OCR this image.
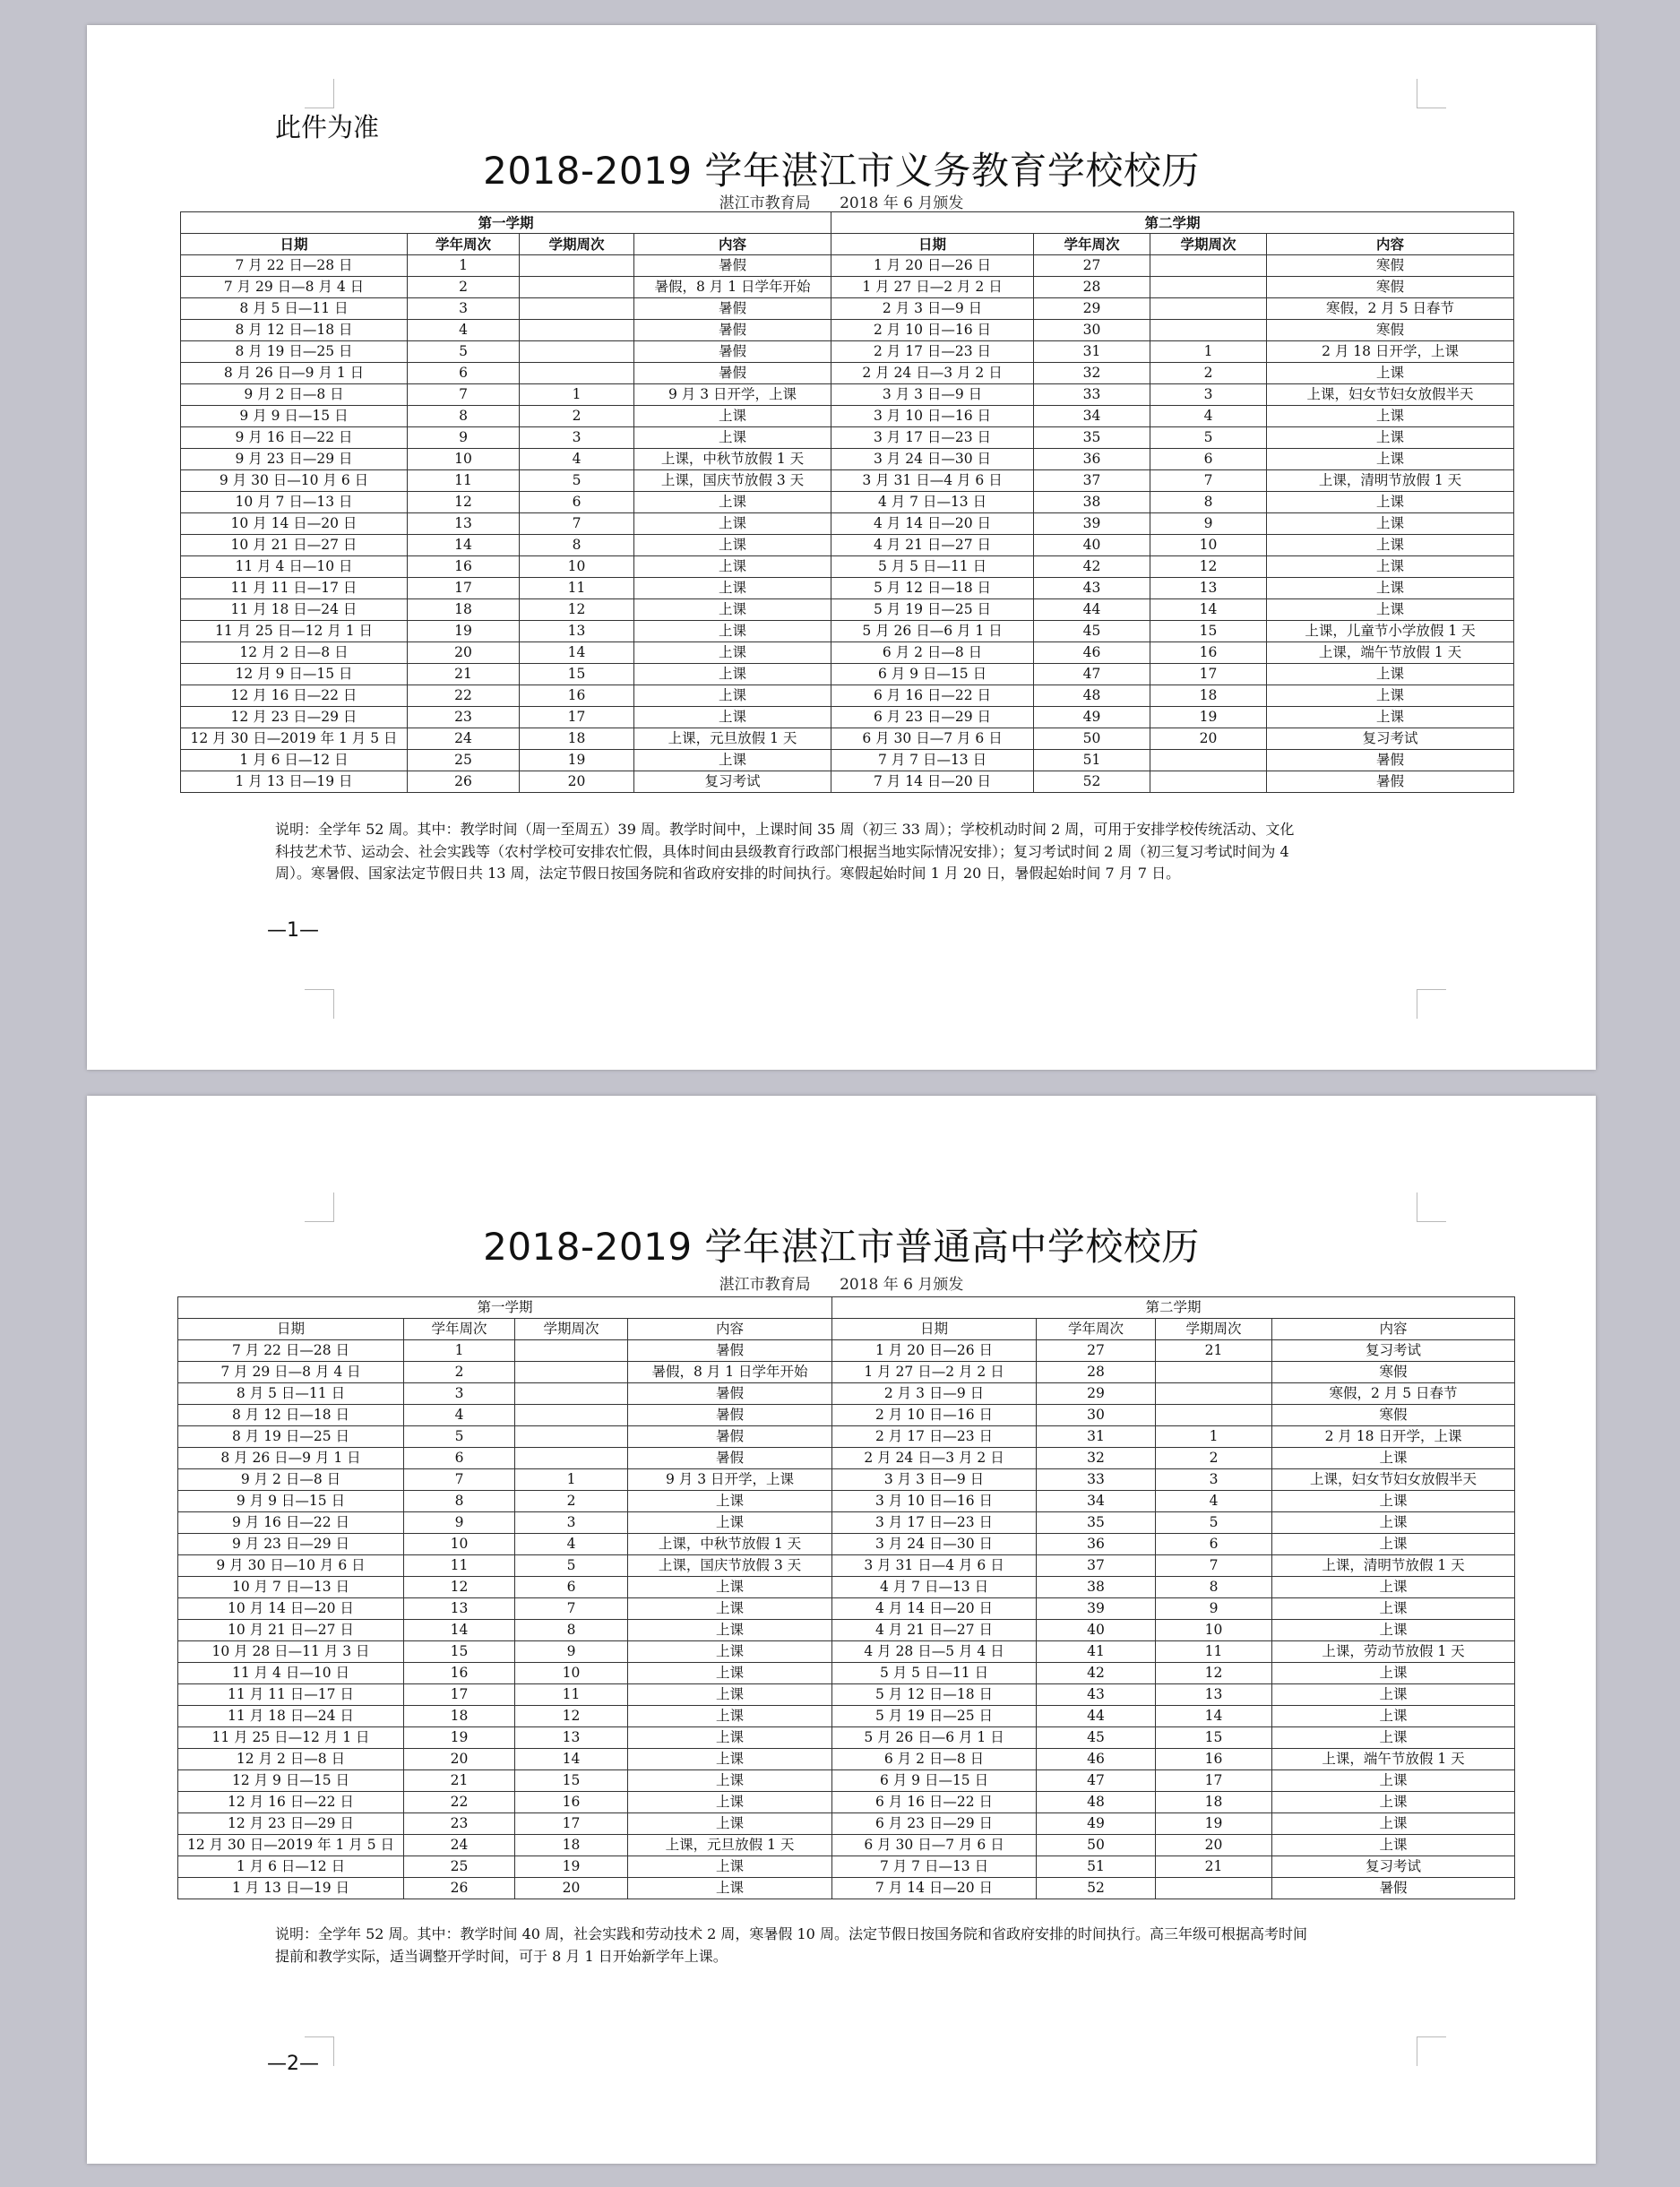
此件为准
2018-2019 学年湛江市义务教育学校校历

湛江市教育局      2018 年 6 月颁发

第一学期				第二学期			
日期	学年周次	学期周次	内容	日期	学年周次	学期周次	内容
7 月 22 日—28 日	1		暑假	1 月 20 日—26 日	27		寒假
7 月 29 日—8 月 4 日	2		暑假，8 月 1 日学年开始	1 月 27 日—2 月 2 日	28		寒假
8 月 5 日—11 日	3		暑假	2 月 3 日—9 日	29		寒假，2 月 5 日春节
8 月 12 日—18 日	4		暑假	2 月 10 日—16 日	30		寒假
8 月 19 日—25 日	5		暑假	2 月 17 日—23 日	31	1	2 月 18 日开学，上课
8 月 26 日—9 月 1 日	6		暑假	2 月 24 日—3 月 2 日	32	2	上课
9 月 2 日—8 日	7	1	9 月 3 日开学，上课	3 月 3 日—9 日	33	3	上课，妇女节妇女放假半天
9 月 9 日—15 日	8	2	上课	3 月 10 日—16 日	34	4	上课
9 月 16 日—22 日	9	3	上课	3 月 17 日—23 日	35	5	上课
9 月 23 日—29 日	10	4	上课，中秋节放假 1 天	3 月 24 日—30 日	36	6	上课
9 月 30 日—10 月 6 日	11	5	上课，国庆节放假 3 天	3 月 31 日—4 月 6 日	37	7	上课，清明节放假 1 天
10 月 7 日—13 日	12	6	上课	4 月 7 日—13 日	38	8	上课
10 月 14 日—20 日	13	7	上课	4 月 14 日—20 日	39	9	上课
10 月 21 日—27 日	14	8	上课	4 月 21 日—27 日	40	10	上课
11 月 4 日—10 日	16	10	上课	5 月 5 日—11 日	42	12	上课
11 月 11 日—17 日	17	11	上课	5 月 12 日—18 日	43	13	上课
11 月 18 日—24 日	18	12	上课	5 月 19 日—25 日	44	14	上课
11 月 25 日—12 月 1 日	19	13	上课	5 月 26 日—6 月 1 日	45	15	上课，儿童节小学放假 1 天
12 月 2 日—8 日	20	14	上课	6 月 2 日—8 日	46	16	上课，端午节放假 1 天
12 月 9 日—15 日	21	15	上课	6 月 9 日—15 日	47	17	上课
12 月 16 日—22 日	22	16	上课	6 月 16 日—22 日	48	18	上课
12 月 23 日—29 日	23	17	上课	6 月 23 日—29 日	49	19	上课
12 月 30 日—2019 年 1 月 5 日	24	18	上课，元旦放假 1 天	6 月 30 日—7 月 6 日	50	20	复习考试
1 月 6 日—12 日	25	19	上课	7 月 7 日—13 日	51		暑假
1 月 13 日—19 日	26	20	复习考试	7 月 14 日—20 日	52		暑假
说明：全学年 52 周。其中：教学时间（周一至周五）39 周。教学时间中，上课时间 35 周（初三 33 周）；学校机动时间 2 周，可用于安排学校传统活动、文化
科技艺术节、运动会、社会实践等（农村学校可安排农忙假，具体时间由县级教育行政部门根据当地实际情况安排）；复习考试时间 2 周（初三复习考试时间为 4
周）。寒暑假、国家法定节假日共 13 周，法定节假日按国务院和省政府安排的时间执行。寒假起始时间 1 月 20 日，暑假起始时间 7 月 7 日。
—1—
2018-2019 学年湛江市普通高中学校校历

湛江市教育局      2018 年 6 月颁发

第一学期				第二学期			
日期	学年周次	学期周次	内容	日期	学年周次	学期周次	内容
7 月 22 日—28 日	1		暑假	1 月 20 日—26 日	27	21	复习考试
7 月 29 日—8 月 4 日	2		暑假，8 月 1 日学年开始	1 月 27 日—2 月 2 日	28		寒假
8 月 5 日—11 日	3		暑假	2 月 3 日—9 日	29		寒假，2 月 5 日春节
8 月 12 日—18 日	4		暑假	2 月 10 日—16 日	30		寒假
8 月 19 日—25 日	5		暑假	2 月 17 日—23 日	31	1	2 月 18 日开学，上课
8 月 26 日—9 月 1 日	6		暑假	2 月 24 日—3 月 2 日	32	2	上课
9 月 2 日—8 日	7	1	9 月 3 日开学，上课	3 月 3 日—9 日	33	3	上课，妇女节妇女放假半天
9 月 9 日—15 日	8	2	上课	3 月 10 日—16 日	34	4	上课
9 月 16 日—22 日	9	3	上课	3 月 17 日—23 日	35	5	上课
9 月 23 日—29 日	10	4	上课，中秋节放假 1 天	3 月 24 日—30 日	36	6	上课
9 月 30 日—10 月 6 日	11	5	上课，国庆节放假 3 天	3 月 31 日—4 月 6 日	37	7	上课，清明节放假 1 天
10 月 7 日—13 日	12	6	上课	4 月 7 日—13 日	38	8	上课
10 月 14 日—20 日	13	7	上课	4 月 14 日—20 日	39	9	上课
10 月 21 日—27 日	14	8	上课	4 月 21 日—27 日	40	10	上课
10 月 28 日—11 月 3 日	15	9	上课	4 月 28 日—5 月 4 日	41	11	上课，劳动节放假 1 天
11 月 4 日—10 日	16	10	上课	5 月 5 日—11 日	42	12	上课
11 月 11 日—17 日	17	11	上课	5 月 12 日—18 日	43	13	上课
11 月 18 日—24 日	18	12	上课	5 月 19 日—25 日	44	14	上课
11 月 25 日—12 月 1 日	19	13	上课	5 月 26 日—6 月 1 日	45	15	上课
12 月 2 日—8 日	20	14	上课	6 月 2 日—8 日	46	16	上课，端午节放假 1 天
12 月 9 日—15 日	21	15	上课	6 月 9 日—15 日	47	17	上课
12 月 16 日—22 日	22	16	上课	6 月 16 日—22 日	48	18	上课
12 月 23 日—29 日	23	17	上课	6 月 23 日—29 日	49	19	上课
12 月 30 日—2019 年 1 月 5 日	24	18	上课，元旦放假 1 天	6 月 30 日—7 月 6 日	50	20	上课
1 月 6 日—12 日	25	19	上课	7 月 7 日—13 日	51	21	复习考试
1 月 13 日—19 日	26	20	上课	7 月 14 日—20 日	52		暑假
说明：全学年 52 周。其中：教学时间 40 周，社会实践和劳动技术 2 周，寒暑假 10 周。法定节假日按国务院和省政府安排的时间执行。高三年级可根据高考时间
提前和教学实际，适当调整开学时间，可于 8 月 1 日开始新学年上课。
—2—
